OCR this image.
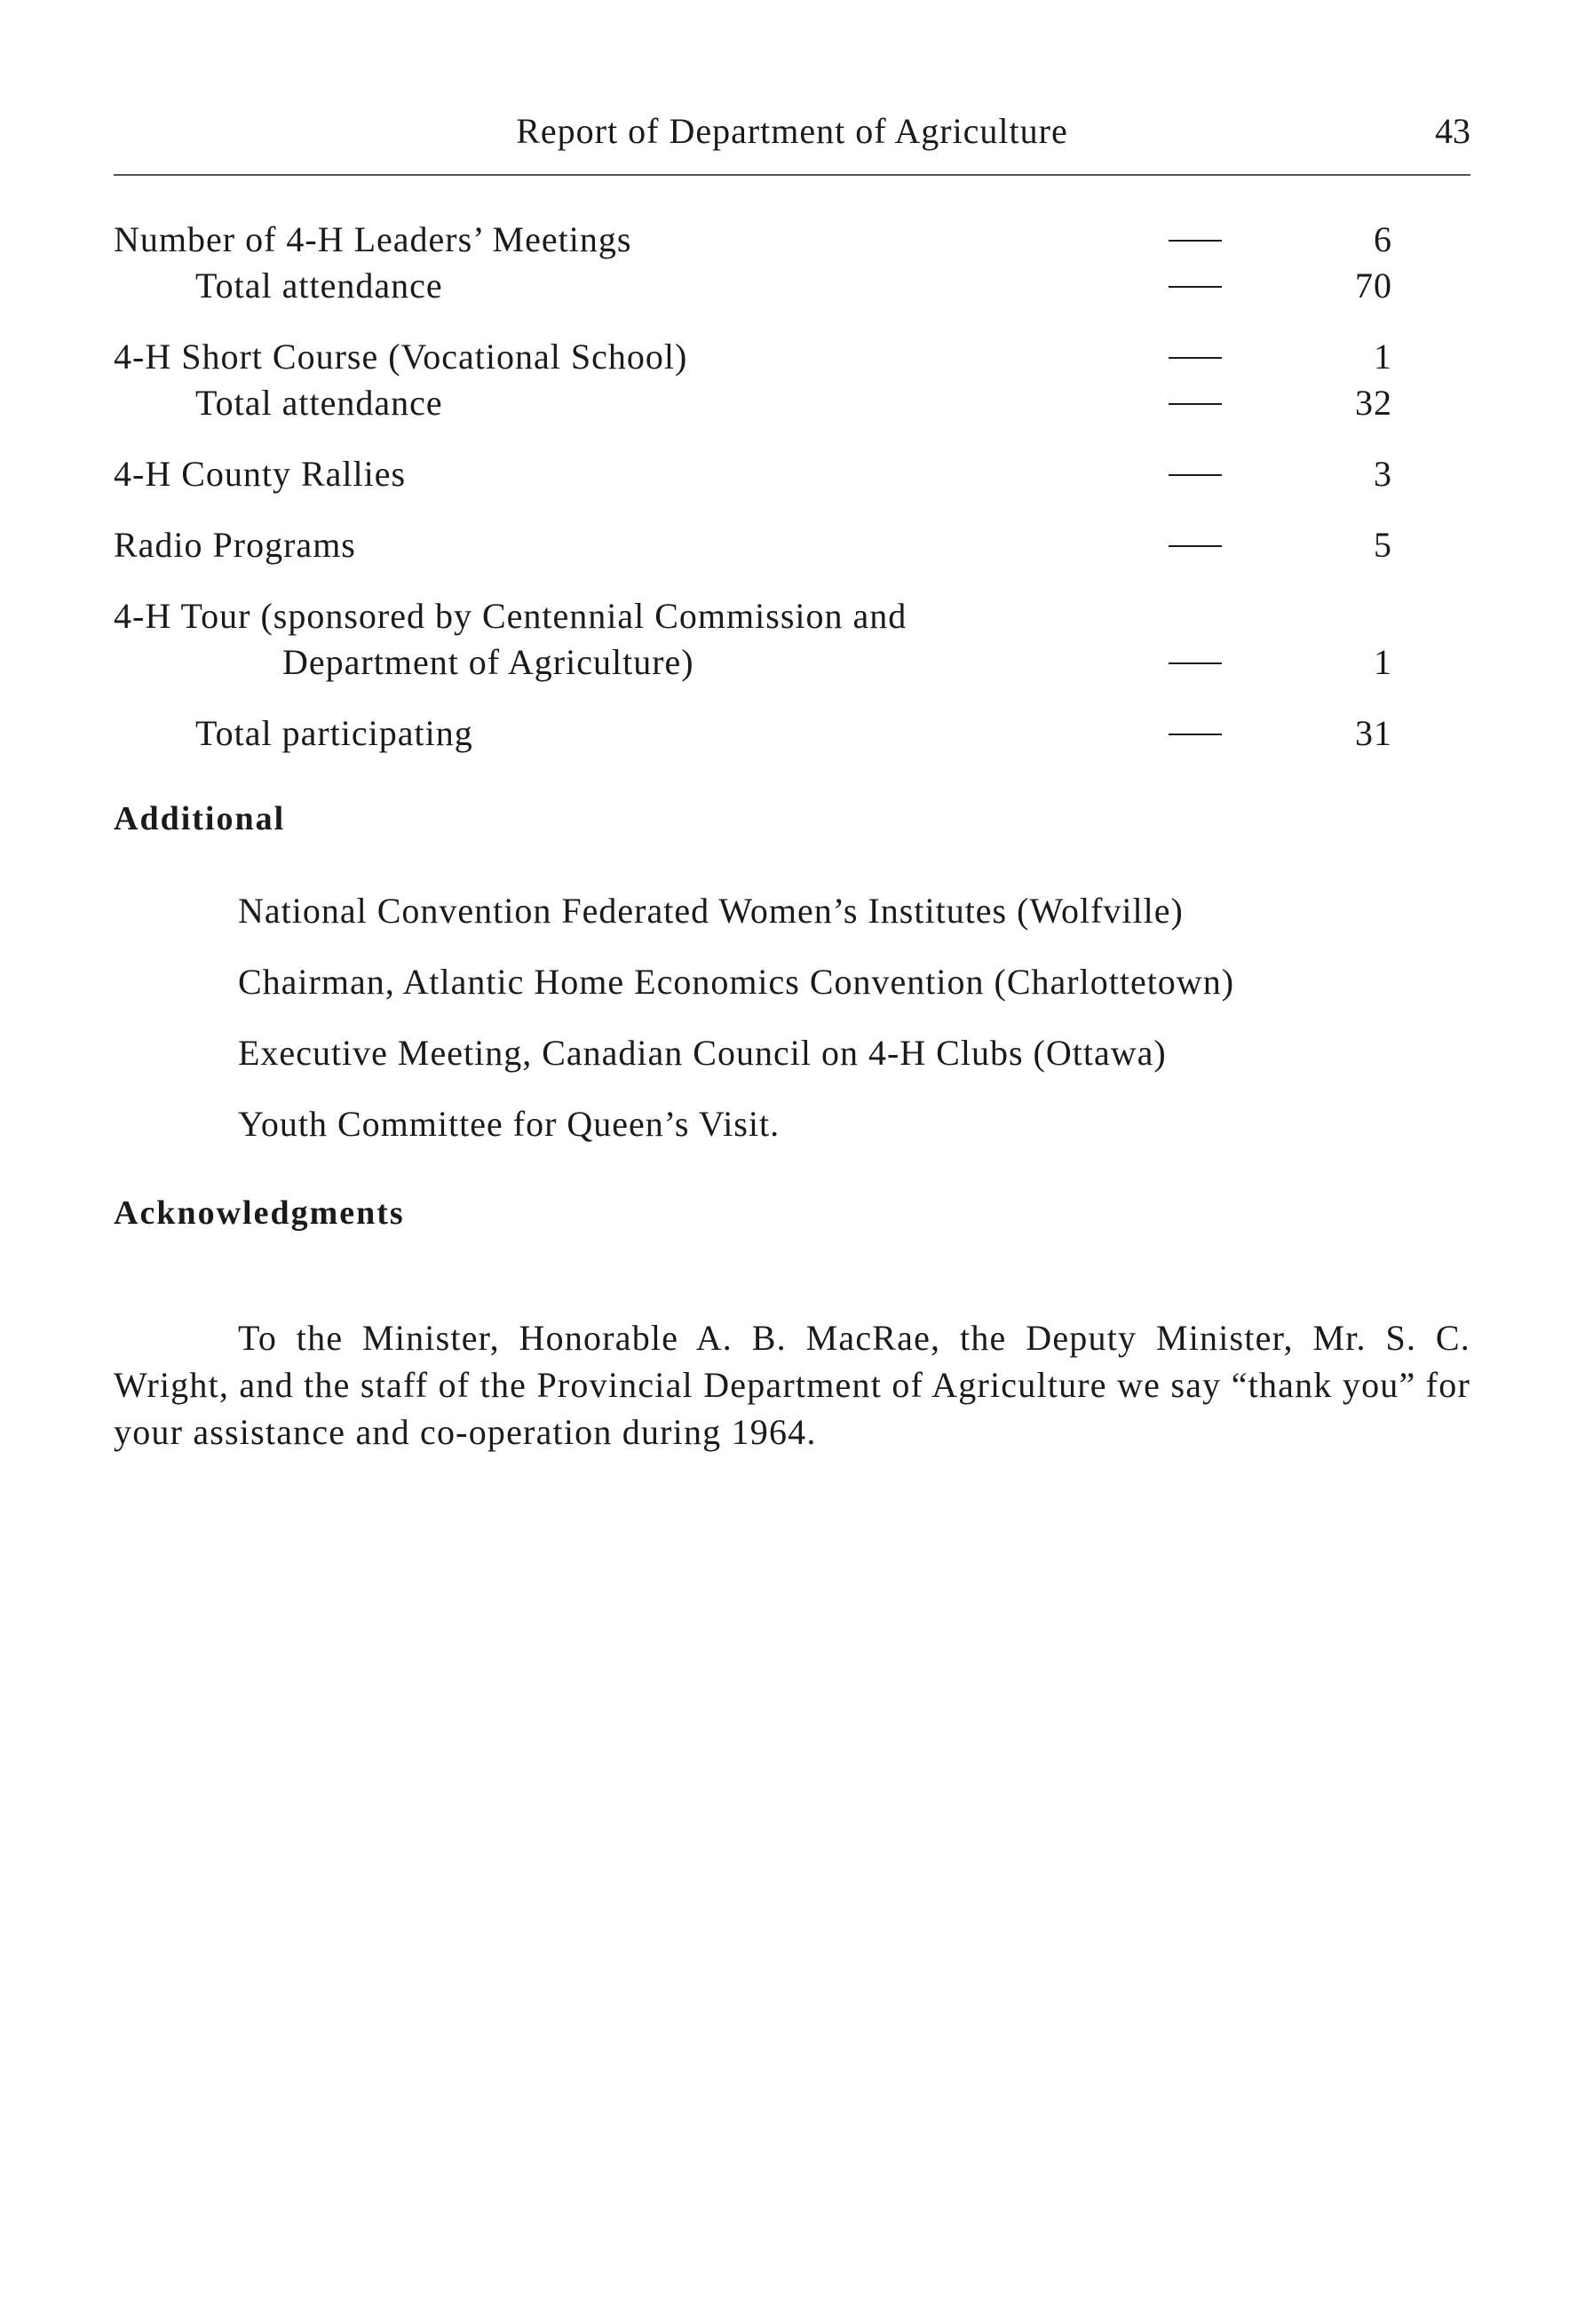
Report of Department of Agriculture	43
Number of 4-H Leaders’ Meetings	6
Total attendance	70
4-H Short Course (Vocational School)	1
Total attendance	32
4-H County Rallies	3
Radio Programs	5
4-H Tour (sponsored by Centennial Commission and
Department of Agriculture)	1
Total participating	31
Additional
National Convention Federated Women’s Institutes (Wolfville)
Chairman, Atlantic Home Economics Convention (Charlottetown)
Executive Meeting, Canadian Council on 4-H Clubs (Ottawa)
Youth Committee for Queen’s Visit.
Acknowledgments

To the Minister, Honorable A. B. MacRae, the Deputy Minister, Mr. S. C. Wright, and the staff of the Provincial Department of Agriculture we say “thank you” for your assistance and co-operation during 1964.
